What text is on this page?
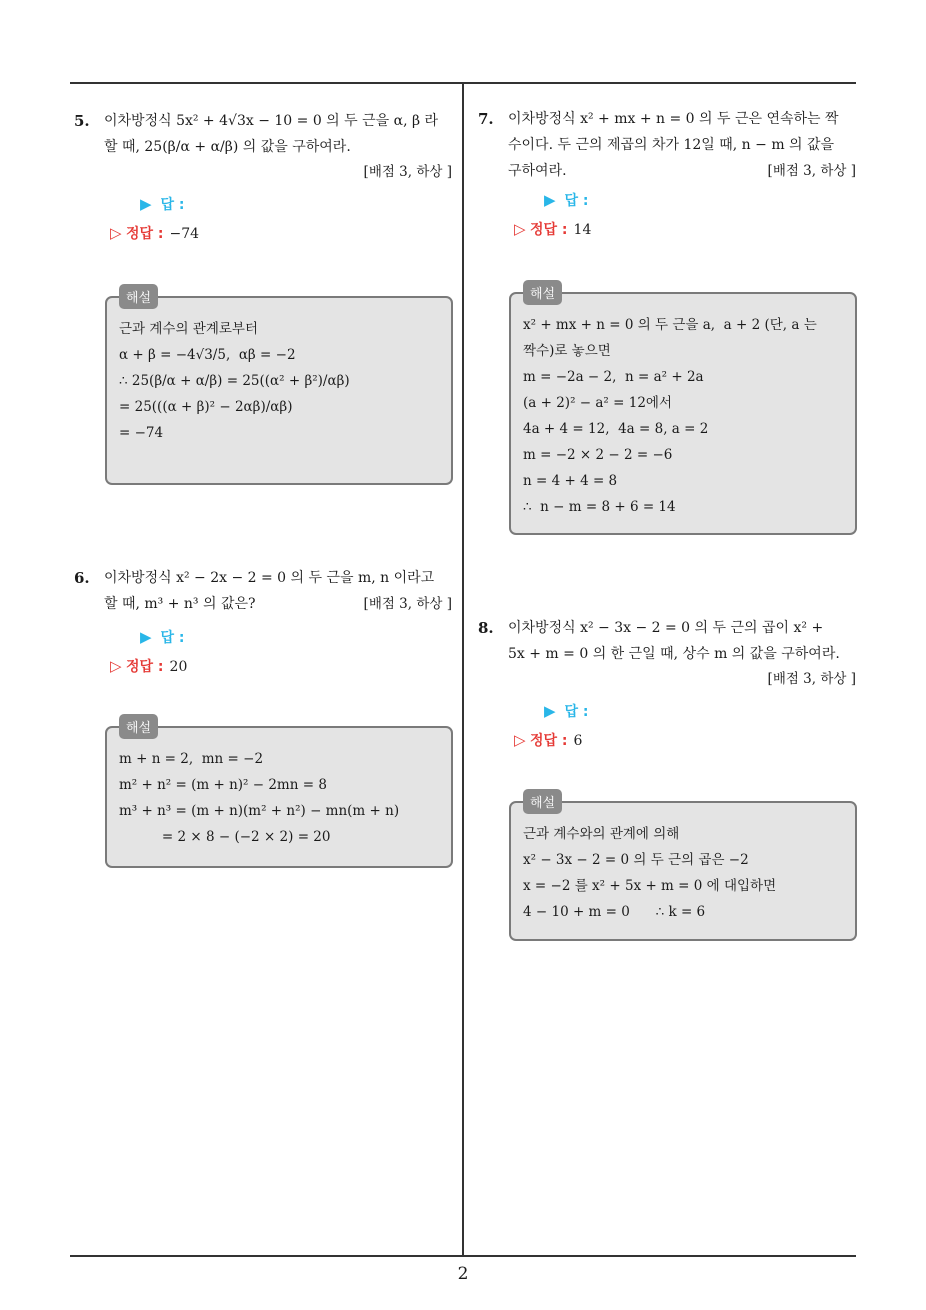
5. 이차방정식 5x² + 4√3x − 10 = 0 의 두 근을 α, β 라
할 때, 25(β/α + α/β) 의 값을 구하여라.
[배점 3, 하상 ]
▶ 답 :
▷ 정답 : −74
해설
근과 계수의 관계로부터
α + β = −4√3/5,  αβ = −2
∴ 25(β/α + α/β) = 25((α² + β²)/αβ)
= 25(((α + β)² − 2αβ)/αβ)
= −74
6. 이차방정식 x² − 2x − 2 = 0 의 두 근을 m, n 이라고
할 때, m³ + n³ 의 값은?	[배점 3, 하상 ]
▶ 답 :
▷ 정답 : 20
해설
m + n = 2,  mn = −2
m² + n² = (m + n)² − 2mn = 8
m³ + n³ = (m + n)(m² + n²) − mn(m + n)
= 2 × 8 − (−2 × 2) = 20
7. 이차방정식 x² + mx + n = 0 의 두 근은 연속하는 짝
수이다. 두 근의 제곱의 차가 12일 때, n − m 의 값을
구하여라.	[배점 3, 하상 ]
▶ 답 :
▷ 정답 : 14
해설
x² + mx + n = 0 의 두 근을 a,  a + 2 (단, a 는
짝수)로 놓으면
m = −2a − 2,  n = a² + 2a
(a + 2)² − a² = 12에서
4a + 4 = 12,  4a = 8, a = 2
m = −2 × 2 − 2 = −6
n = 4 + 4 = 8
∴  n − m = 8 + 6 = 14
8. 이차방정식 x² − 3x − 2 = 0 의 두 근의 곱이 x² +
5x + m = 0 의 한 근일 때, 상수 m 의 값을 구하여라.
[배점 3, 하상 ]
▶ 답 :
▷ 정답 : 6
해설
근과 계수와의 관계에 의해
x² − 3x − 2 = 0 의 두 근의 곱은 −2
x = −2 를 x² + 5x + m = 0 에 대입하면
4 − 10 + m = 0      ∴ k = 6
2
